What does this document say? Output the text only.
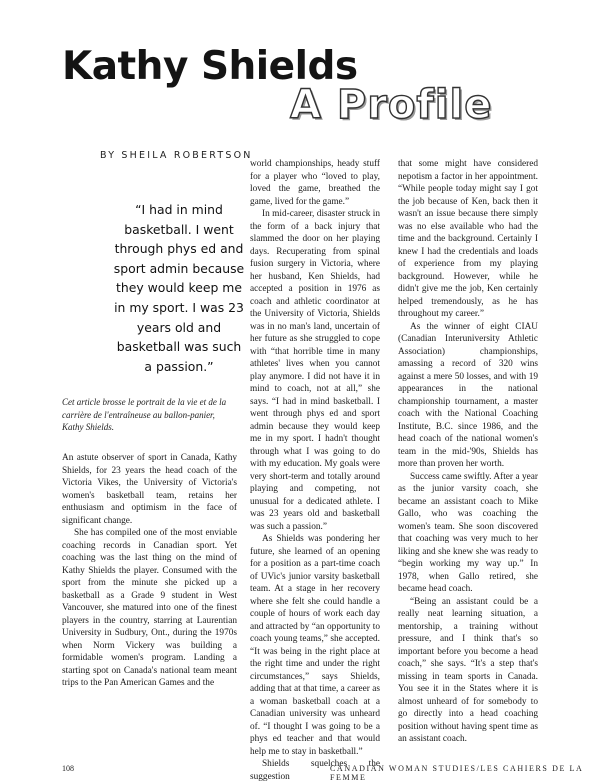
Kathy Shields
A Profile
BY SHEILA ROBERTSON

“I had in mind basketball. I went through phys ed and sport admin because they would keep me in my sport. I was 23 years old and basketball was such a passion.”

Cet article brosse le portrait de la vie et de la carrière de l'entraîneuse au ballon-panier, Kathy Shields.

An astute observer of sport in Canada, Kathy Shields, for 23 years the head coach of the Victoria Vikes, the University of Victoria's women's basketball team, retains her enthusiasm and optimism in the face of significant change.

She has compiled one of the most enviable coaching records in Canadian sport. Yet coaching was the last thing on the mind of Kathy Shields the player. Consumed with the sport from the minute she picked up a basketball as a Grade 9 student in West Vancouver, she matured into one of the finest players in the country, starring at Laurentian University in Sudbury, Ont., during the 1970s when Norm Vickery was building a formidable women's program. Landing a starting spot on Canada's national team meant trips to the Pan American Games and the

world championships, heady stuff for a player who “loved to play, loved the game, breathed the game, lived for the game.”

In mid-career, disaster struck in the form of a back injury that slammed the door on her playing days. Recuperating from spinal fusion surgery in Victoria, where her husband, Ken Shields, had accepted a position in 1976 as coach and athletic coordinator at the University of Victoria, Shields was in no man's land, uncertain of her future as she struggled to cope with “that horrible time in many athletes' lives when you cannot play anymore. I did not have it in mind to coach, not at all,” she says. “I had in mind basketball. I went through phys ed and sport admin because they would keep me in my sport. I hadn't thought through what I was going to do with my education. My goals were very short-term and totally around playing and competing, not unusual for a dedicated athlete. I was 23 years old and basketball was such a passion.”

As Shields was pondering her future, she learned of an opening for a position as a part-time coach of UVic's junior varsity basketball team. At a stage in her recovery where she felt she could handle a couple of hours of work each day and attracted by “an opportunity to coach young teams,” she accepted. “It was being in the right place at the right time and under the right circumstances,” says Shields, adding that at that time, a career as a woman basketball coach at a Canadian university was unheard of. “I thought I was going to be a phys ed teacher and that would help me to stay in basketball.”

Shields squelches the suggestion

that some might have considered nepotism a factor in her appointment. “While people today might say I got the job because of Ken, back then it wasn't an issue because there simply was no else available who had the time and the background. Certainly I knew I had the credentials and loads of experience from my playing background. However, while he didn't give me the job, Ken certainly helped tremendously, as he has throughout my career.”

As the winner of eight CIAU (Canadian Interuniversity Athletic Association) championships, amassing a record of 320 wins against a mere 50 losses, and with 19 appearances in the national championship tournament, a master coach with the National Coaching Institute, B.C. since 1986, and the head coach of the national women's team in the mid-'90s, Shields has more than proven her worth.

Success came swiftly. After a year as the junior varsity coach, she became an assistant coach to Mike Gallo, who was coaching the women's team. She soon discovered that coaching was very much to her liking and she knew she was ready to “begin working my way up.” In 1978, when Gallo retired, she became head coach.

“Being an assistant could be a really neat learning situation, a mentorship, a training without pressure, and I think that's so important before you become a head coach,” she says. “It's a step that's missing in team sports in Canada. You see it in the States where it is almost unheard of for somebody to go directly into a head coaching position without having spent time as an assistant coach.

108	CANADIAN WOMAN STUDIES/LES CAHIERS DE LA FEMME
